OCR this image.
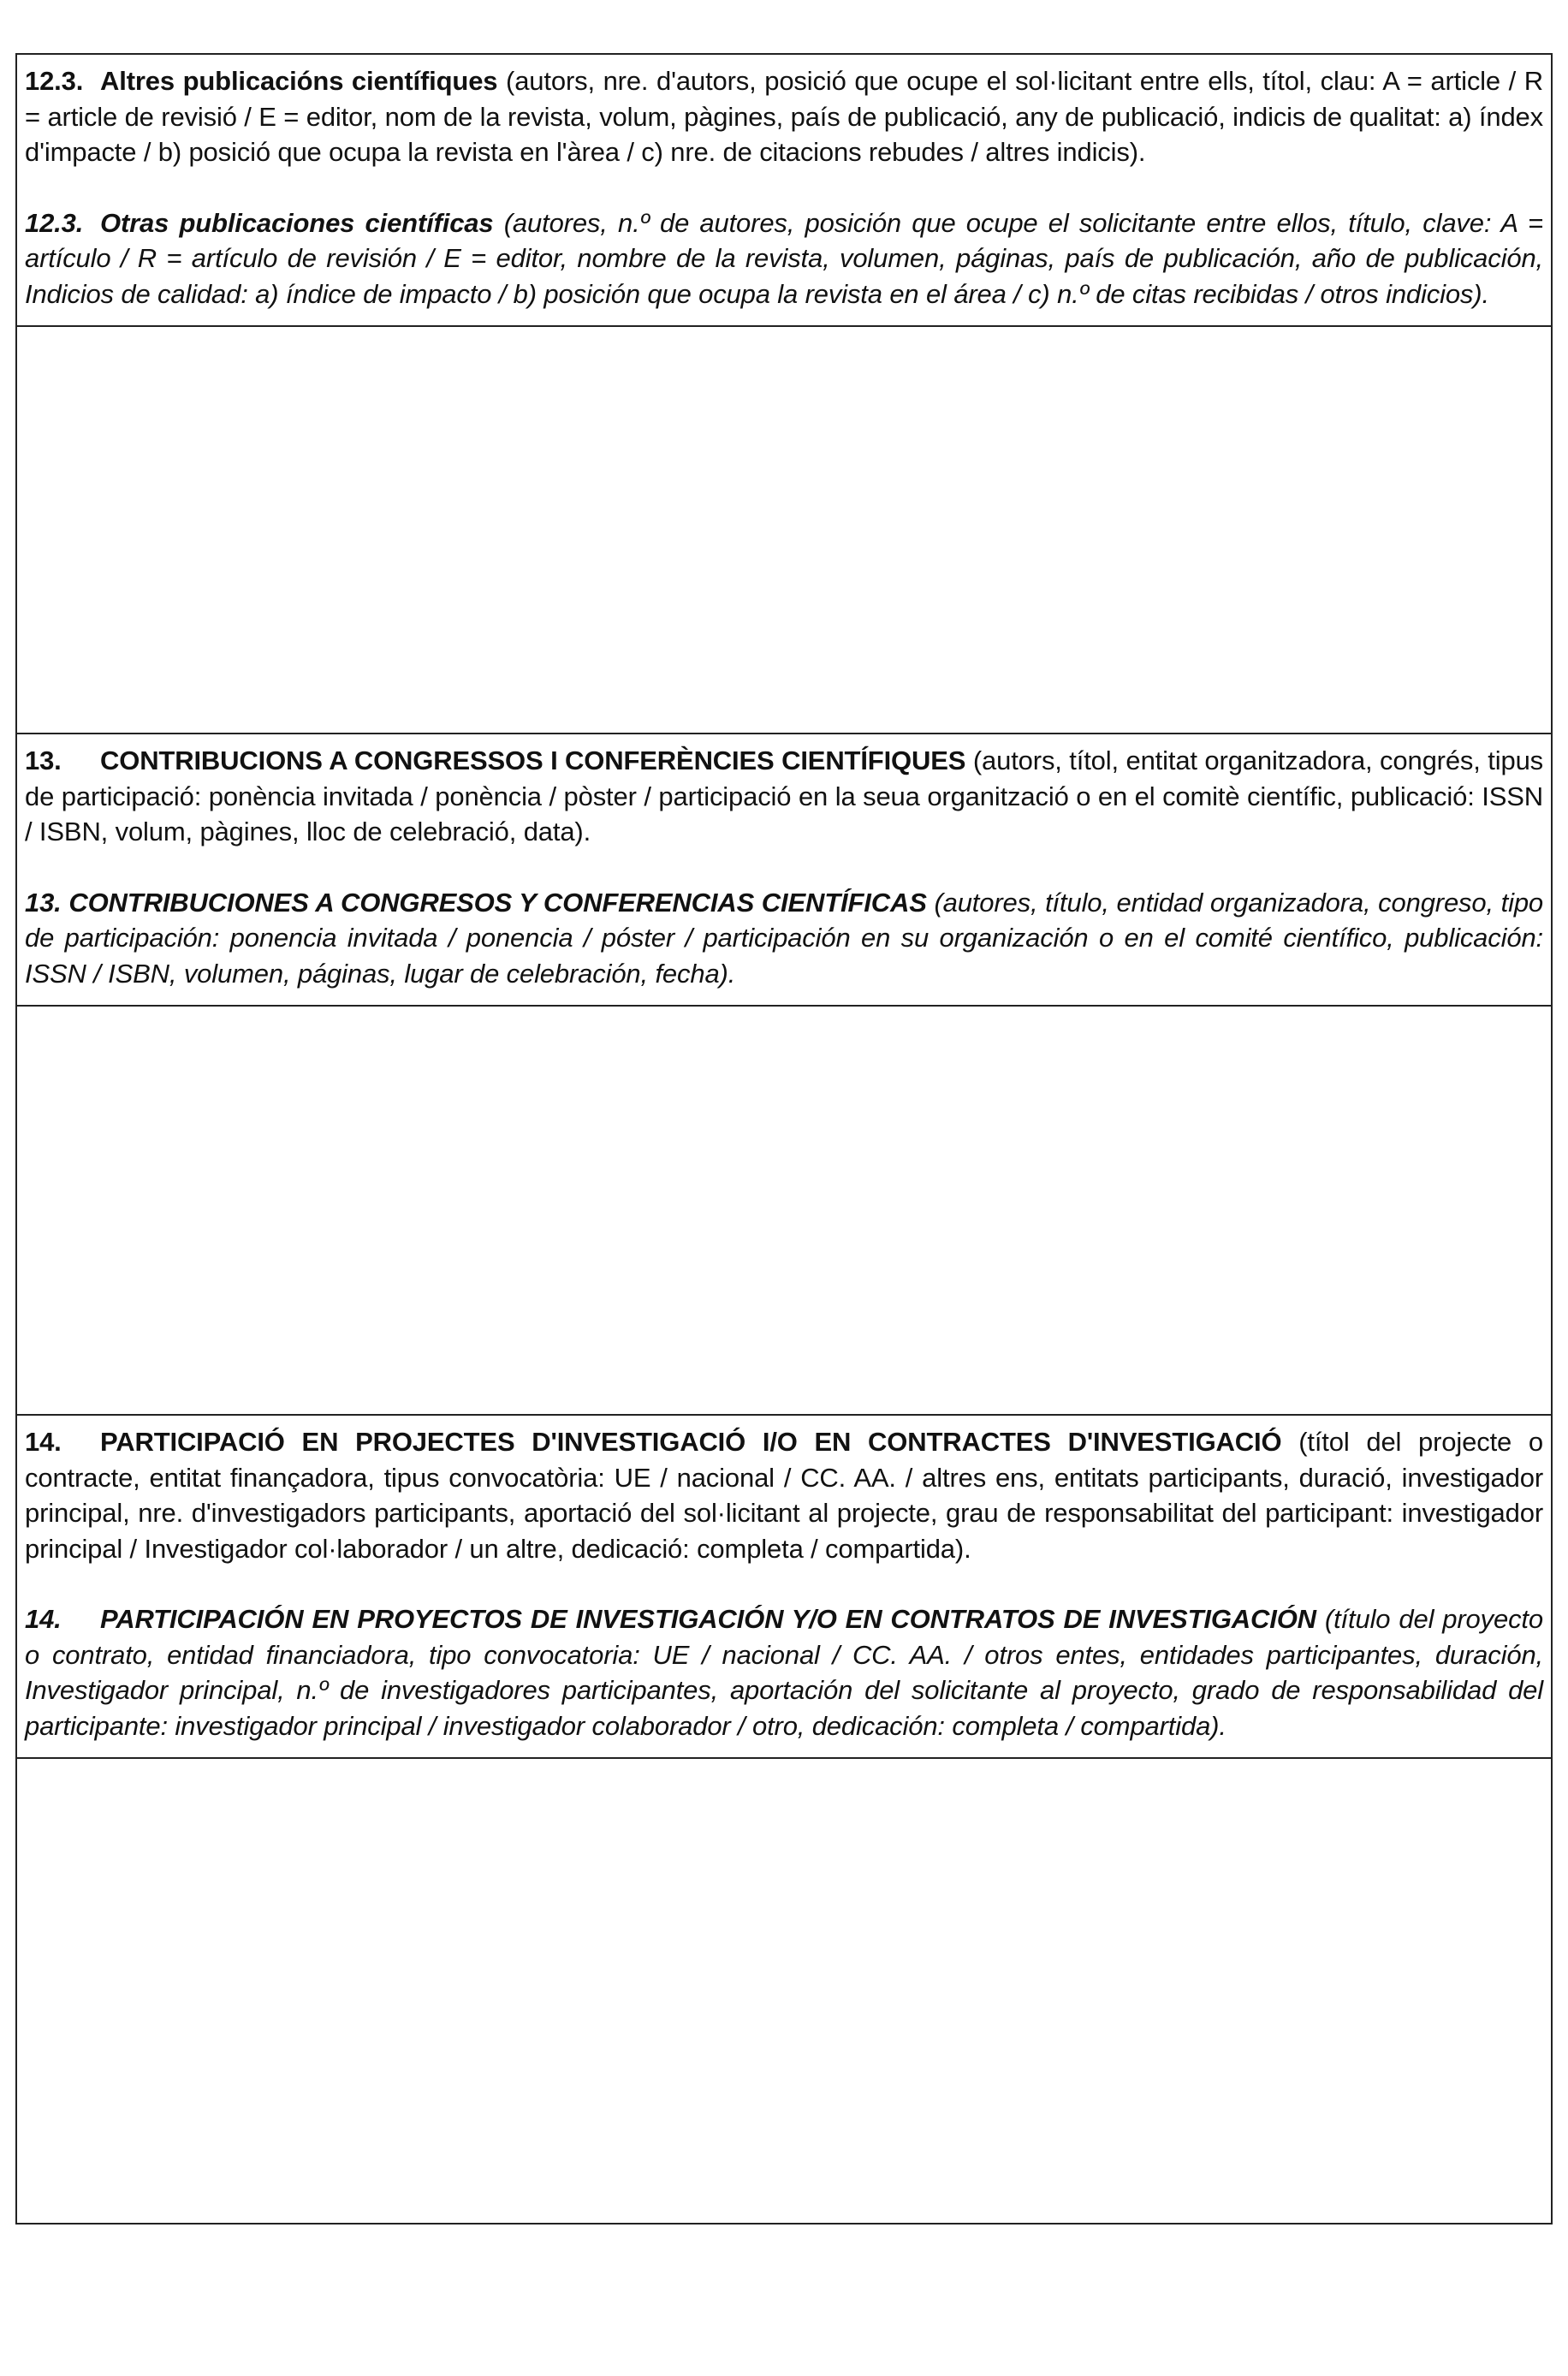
12.3. Altres publicacións científiques (autors, nre. d'autors, posició que ocupe el sol·licitant entre ells, títol, clau: A = article / R = article de revisió / E = editor, nom de la revista, volum, pàgines, país de publicació, any de publicació, indicis de qualitat: a) índex d'impacte / b) posició que ocupa la revista en l'àrea / c) nre. de citacions rebudes / altres indicis).

12.3. Otras publicaciones científicas (autores, n.º de autores, posición que ocupe el solicitante entre ellos, título, clave: A = artículo / R = artículo de revisión / E = editor, nombre de la revista, volumen, páginas, país de publicación, año de publicación, Indicios de calidad: a) índice de impacto / b) posición que ocupa la revista en el área / c) n.º de citas recibidas / otros indicios).

13. CONTRIBUCIONS A CONGRESSOS I CONFERÈNCIES CIENTÍFIQUES (autors, títol, entitat organitzadora, congrés, tipus de participació: ponència invitada / ponència / pòster / participació en la seua organització o en el comitè científic, publicació: ISSN / ISBN, volum, pàgines, lloc de celebració, data).

13. CONTRIBUCIONES A CONGRESOS Y CONFERENCIAS CIENTÍFICAS (autores, título, entidad organizadora, congreso, tipo de participación: ponencia invitada / ponencia / póster / participación en su organización o en el comité científico, publicación: ISSN / ISBN, volumen, páginas, lugar de celebración, fecha).

14. PARTICIPACIÓ EN PROJECTES D'INVESTIGACIÓ I/O EN CONTRACTES D'INVESTIGACIÓ (títol del projecte o contracte, entitat finançadora, tipus convocatòria: UE / nacional / CC. AA. / altres ens, entitats participants, duració, investigador principal, nre. d'investigadors participants, aportació del sol·licitant al projecte, grau de responsabilitat del participant: investigador principal / Investigador col·laborador / un altre, dedicació: completa / compartida).

14. PARTICIPACIÓN EN PROYECTOS DE INVESTIGACIÓN Y/O EN CONTRATOS DE INVESTIGACIÓN (título del proyecto o contrato, entidad financiadora, tipo convocatoria: UE / nacional / CC. AA. / otros entes, entidades participantes, duración, Investigador principal, n.º de investigadores participantes, aportación del solicitante al proyecto, grado de responsabilidad del participante: investigador principal / investigador colaborador / otro, dedicación: completa / compartida).
